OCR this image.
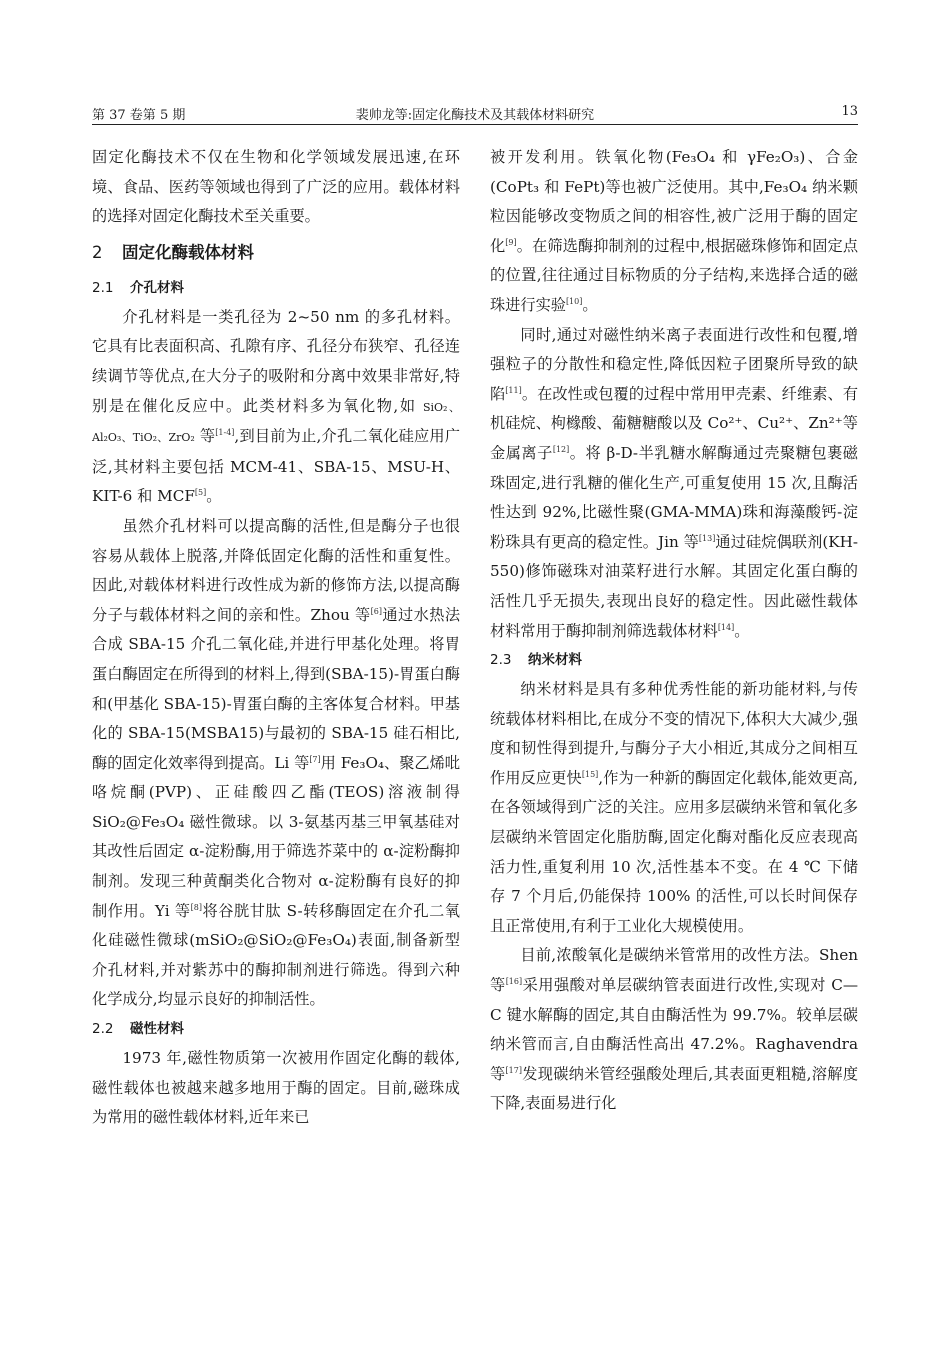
第 37 卷第 5 期	裴帅龙等:固定化酶技术及其载体材料研究	13

固定化酶技术不仅在生物和化学领域发展迅速,在环境、食品、医药等领域也得到了广泛的应用。载体材料的选择对固定化酶技术至关重要。

2 固定化酶载体材料
2.1 介孔材料

介孔材料是一类孔径为 2~50 nm 的多孔材料。它具有比表面积高、孔隙有序、孔径分布狭窄、孔径连续调节等优点,在大分子的吸附和分离中效果非常好,特别是在催化反应中。此类材料多为氧化物,如 SiO₂、Al₂O₃、TiO₂、ZrO₂ 等[1-4],到目前为止,介孔二氧化硅应用广泛,其材料主要包括 MCM-41、SBA-15、MSU-H、KIT-6 和 MCF[5]。

虽然介孔材料可以提高酶的活性,但是酶分子也很容易从载体上脱落,并降低固定化酶的活性和重复性。因此,对载体材料进行改性成为新的修饰方法,以提高酶分子与载体材料之间的亲和性。Zhou 等[6]通过水热法合成 SBA-15 介孔二氧化硅,并进行甲基化处理。将胃蛋白酶固定在所得到的材料上,得到(SBA-15)-胃蛋白酶和(甲基化 SBA-15)-胃蛋白酶的主客体复合材料。甲基化的 SBA-15(MSBA15)与最初的 SBA-15 硅石相比,酶的固定化效率得到提高。Li 等[7]用 Fe₃O₄、聚乙烯吡咯烷酮(PVP)、正硅酸四乙酯(TEOS)溶液制得 SiO₂@Fe₃O₄ 磁性微球。以 3-氨基丙基三甲氧基硅对其改性后固定 α-淀粉酶,用于筛选芥菜中的 α-淀粉酶抑制剂。发现三种黄酮类化合物对 α-淀粉酶有良好的抑制作用。Yi 等[8]将谷胱甘肽 S-转移酶固定在介孔二氧化硅磁性微球(mSiO₂@SiO₂@Fe₃O₄)表面,制备新型介孔材料,并对紫苏中的酶抑制剂进行筛选。得到六种化学成分,均显示良好的抑制活性。

2.2 磁性材料

1973 年,磁性物质第一次被用作固定化酶的载体,磁性载体也被越来越多地用于酶的固定。目前,磁珠成为常用的磁性载体材料,近年来已

被开发利用。铁氧化物(Fe₃O₄ 和 γFe₂O₃)、合金(CoPt₃ 和 FePt)等也被广泛使用。其中,Fe₃O₄ 纳米颗粒因能够改变物质之间的相容性,被广泛用于酶的固定化[9]。在筛选酶抑制剂的过程中,根据磁珠修饰和固定点的位置,往往通过目标物质的分子结构,来选择合适的磁珠进行实验[10]。

同时,通过对磁性纳米离子表面进行改性和包覆,增强粒子的分散性和稳定性,降低因粒子团聚所导致的缺陷[11]。在改性或包覆的过程中常用甲壳素、纤维素、有机硅烷、枸橼酸、葡糖糖酸以及 Co²⁺、Cu²⁺、Zn²⁺等金属离子[12]。将 β-D-半乳糖水解酶通过壳聚糖包裹磁珠固定,进行乳糖的催化生产,可重复使用 15 次,且酶活性达到 92%,比磁性聚(GMA-MMA)珠和海藻酸钙-淀粉珠具有更高的稳定性。Jin 等[13]通过硅烷偶联剂(KH-550)修饰磁珠对油菜籽进行水解。其固定化蛋白酶的活性几乎无损失,表现出良好的稳定性。因此磁性载体材料常用于酶抑制剂筛选载体材料[14]。

2.3 纳米材料

纳米材料是具有多种优秀性能的新功能材料,与传统载体材料相比,在成分不变的情况下,体积大大减少,强度和韧性得到提升,与酶分子大小相近,其成分之间相互作用反应更快[15],作为一种新的酶固定化载体,能效更高,在各领域得到广泛的关注。应用多层碳纳米管和氧化多层碳纳米管固定化脂肪酶,固定化酶对酯化反应表现高活力性,重复利用 10 次,活性基本不变。在 4 ℃ 下储存 7 个月后,仍能保持 100% 的活性,可以长时间保存且正常使用,有利于工业化大规模使用。

目前,浓酸氧化是碳纳米管常用的改性方法。Shen 等[16]采用强酸对单层碳纳管表面进行改性,实现对 C—C 键水解酶的固定,其自由酶活性为 99.7%。较单层碳纳米管而言,自由酶活性高出 47.2%。Raghavendra 等[17]发现碳纳米管经强酸处理后,其表面更粗糙,溶解度下降,表面易进行化
